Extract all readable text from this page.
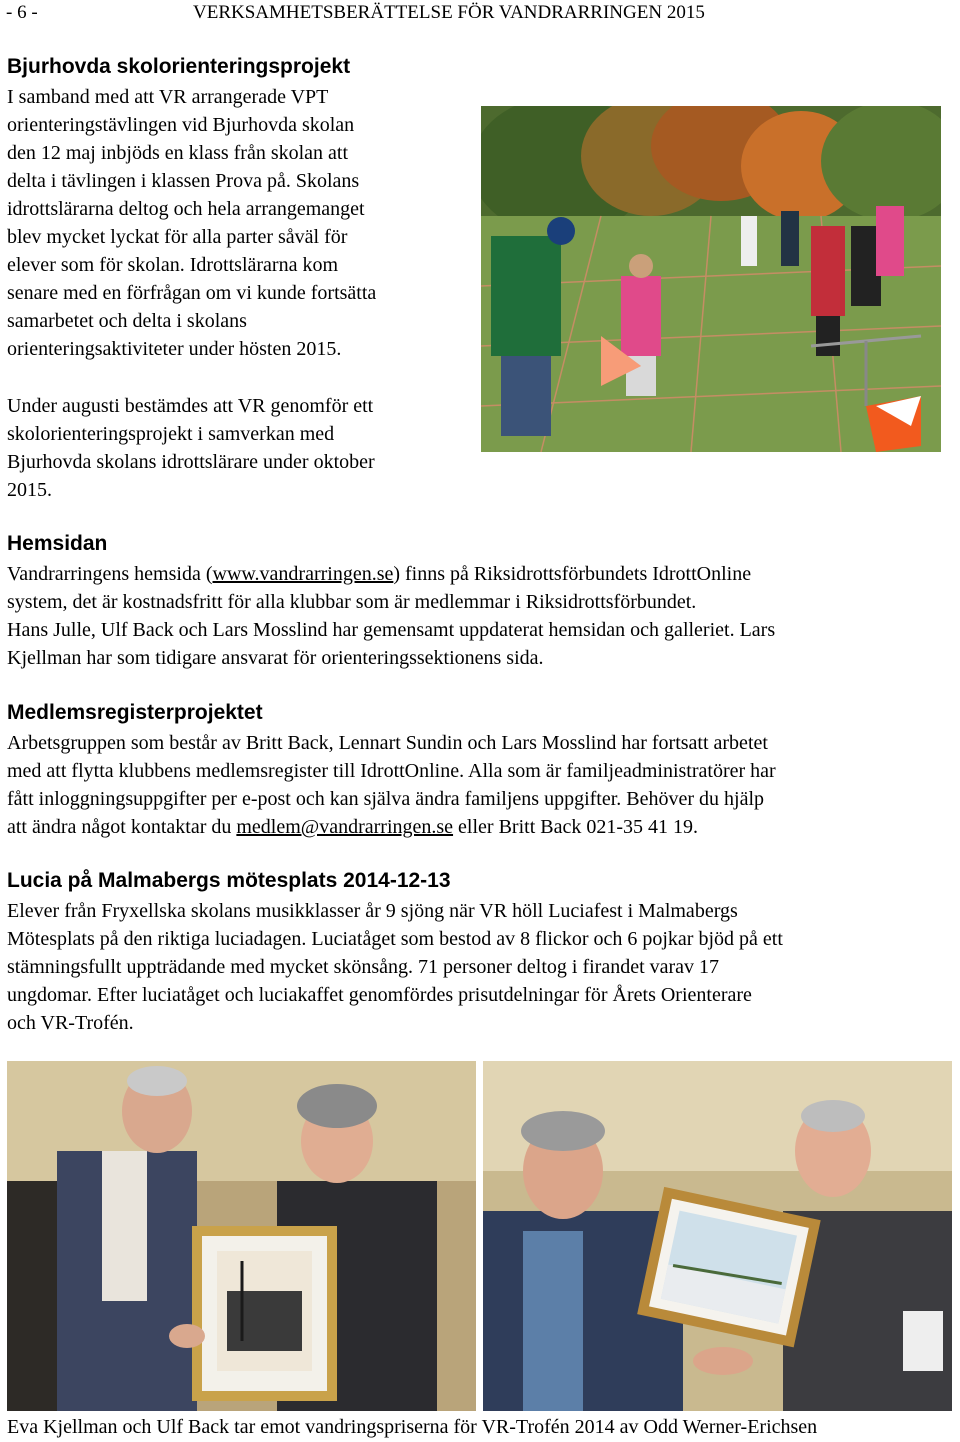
- 6 -	VERKSAMHETSBERÄTTELSE FÖR VANDRARRINGEN 2015
Bjurhovda skolorienteringsprojekt
I samband med att VR arrangerade VPT
orienteringstävlingen vid Bjurhovda skolan
den 12 maj inbjöds en klass från skolan att
delta i tävlingen i klassen Prova på. Skolans
idrottslärarna deltog och hela arrangemanget
blev mycket lyckat för alla parter såväl för
elever som för skolan. Idrottslärarna kom
senare med en förfrågan om vi kunde fortsätta
samarbetet och delta i skolans
orienteringsaktiviteter under hösten 2015.
Under augusti bestämdes att VR genomför ett
skolorienteringsprojekt i samverkan med
Bjurhovda skolans idrottslärare under oktober
2015.
Hemsidan
Vandrarringens hemsida (www.vandrarringen.se) finns på Riksidrottsförbundets IdrottOnline
system, det är kostnadsfritt för alla klubbar som är medlemmar i Riksidrottsförbundet.
Hans Julle, Ulf Back och Lars Mosslind har gemensamt uppdaterat hemsidan och galleriet. Lars
Kjellman har som tidigare ansvarat för orienteringssektionens sida.
Medlemsregisterprojektet
Arbetsgruppen som består av Britt Back, Lennart Sundin och Lars Mosslind har fortsatt arbetet
med att flytta klubbens medlemsregister till IdrottOnline. Alla som är familjeadministratörer har
fått inloggningsuppgifter per e-post och kan själva ändra familjens uppgifter. Behöver du hjälp
att ändra något kontaktar du medlem@vandrarringen.se eller Britt Back 021-35 41 19.
Lucia på Malmabergs mötesplats 2014-12-13
Elever från Fryxellska skolans musikklasser år 9 sjöng när VR höll Luciafest i Malmabergs
Mötesplats på den riktiga luciadagen. Luciatåget som bestod av 8 flickor och 6 pojkar bjöd på ett
stämningsfullt uppträdande med mycket skönsång. 71 personer deltog i firandet varav 17
ungdomar. Efter luciatåget och luciakaffet genomfördes prisutdelningar för Årets Orienterare
och VR-Trofén.
Eva Kjellman och Ulf Back tar emot vandringspriserna för VR-Trofén 2014 av Odd Werner-Erichsen
